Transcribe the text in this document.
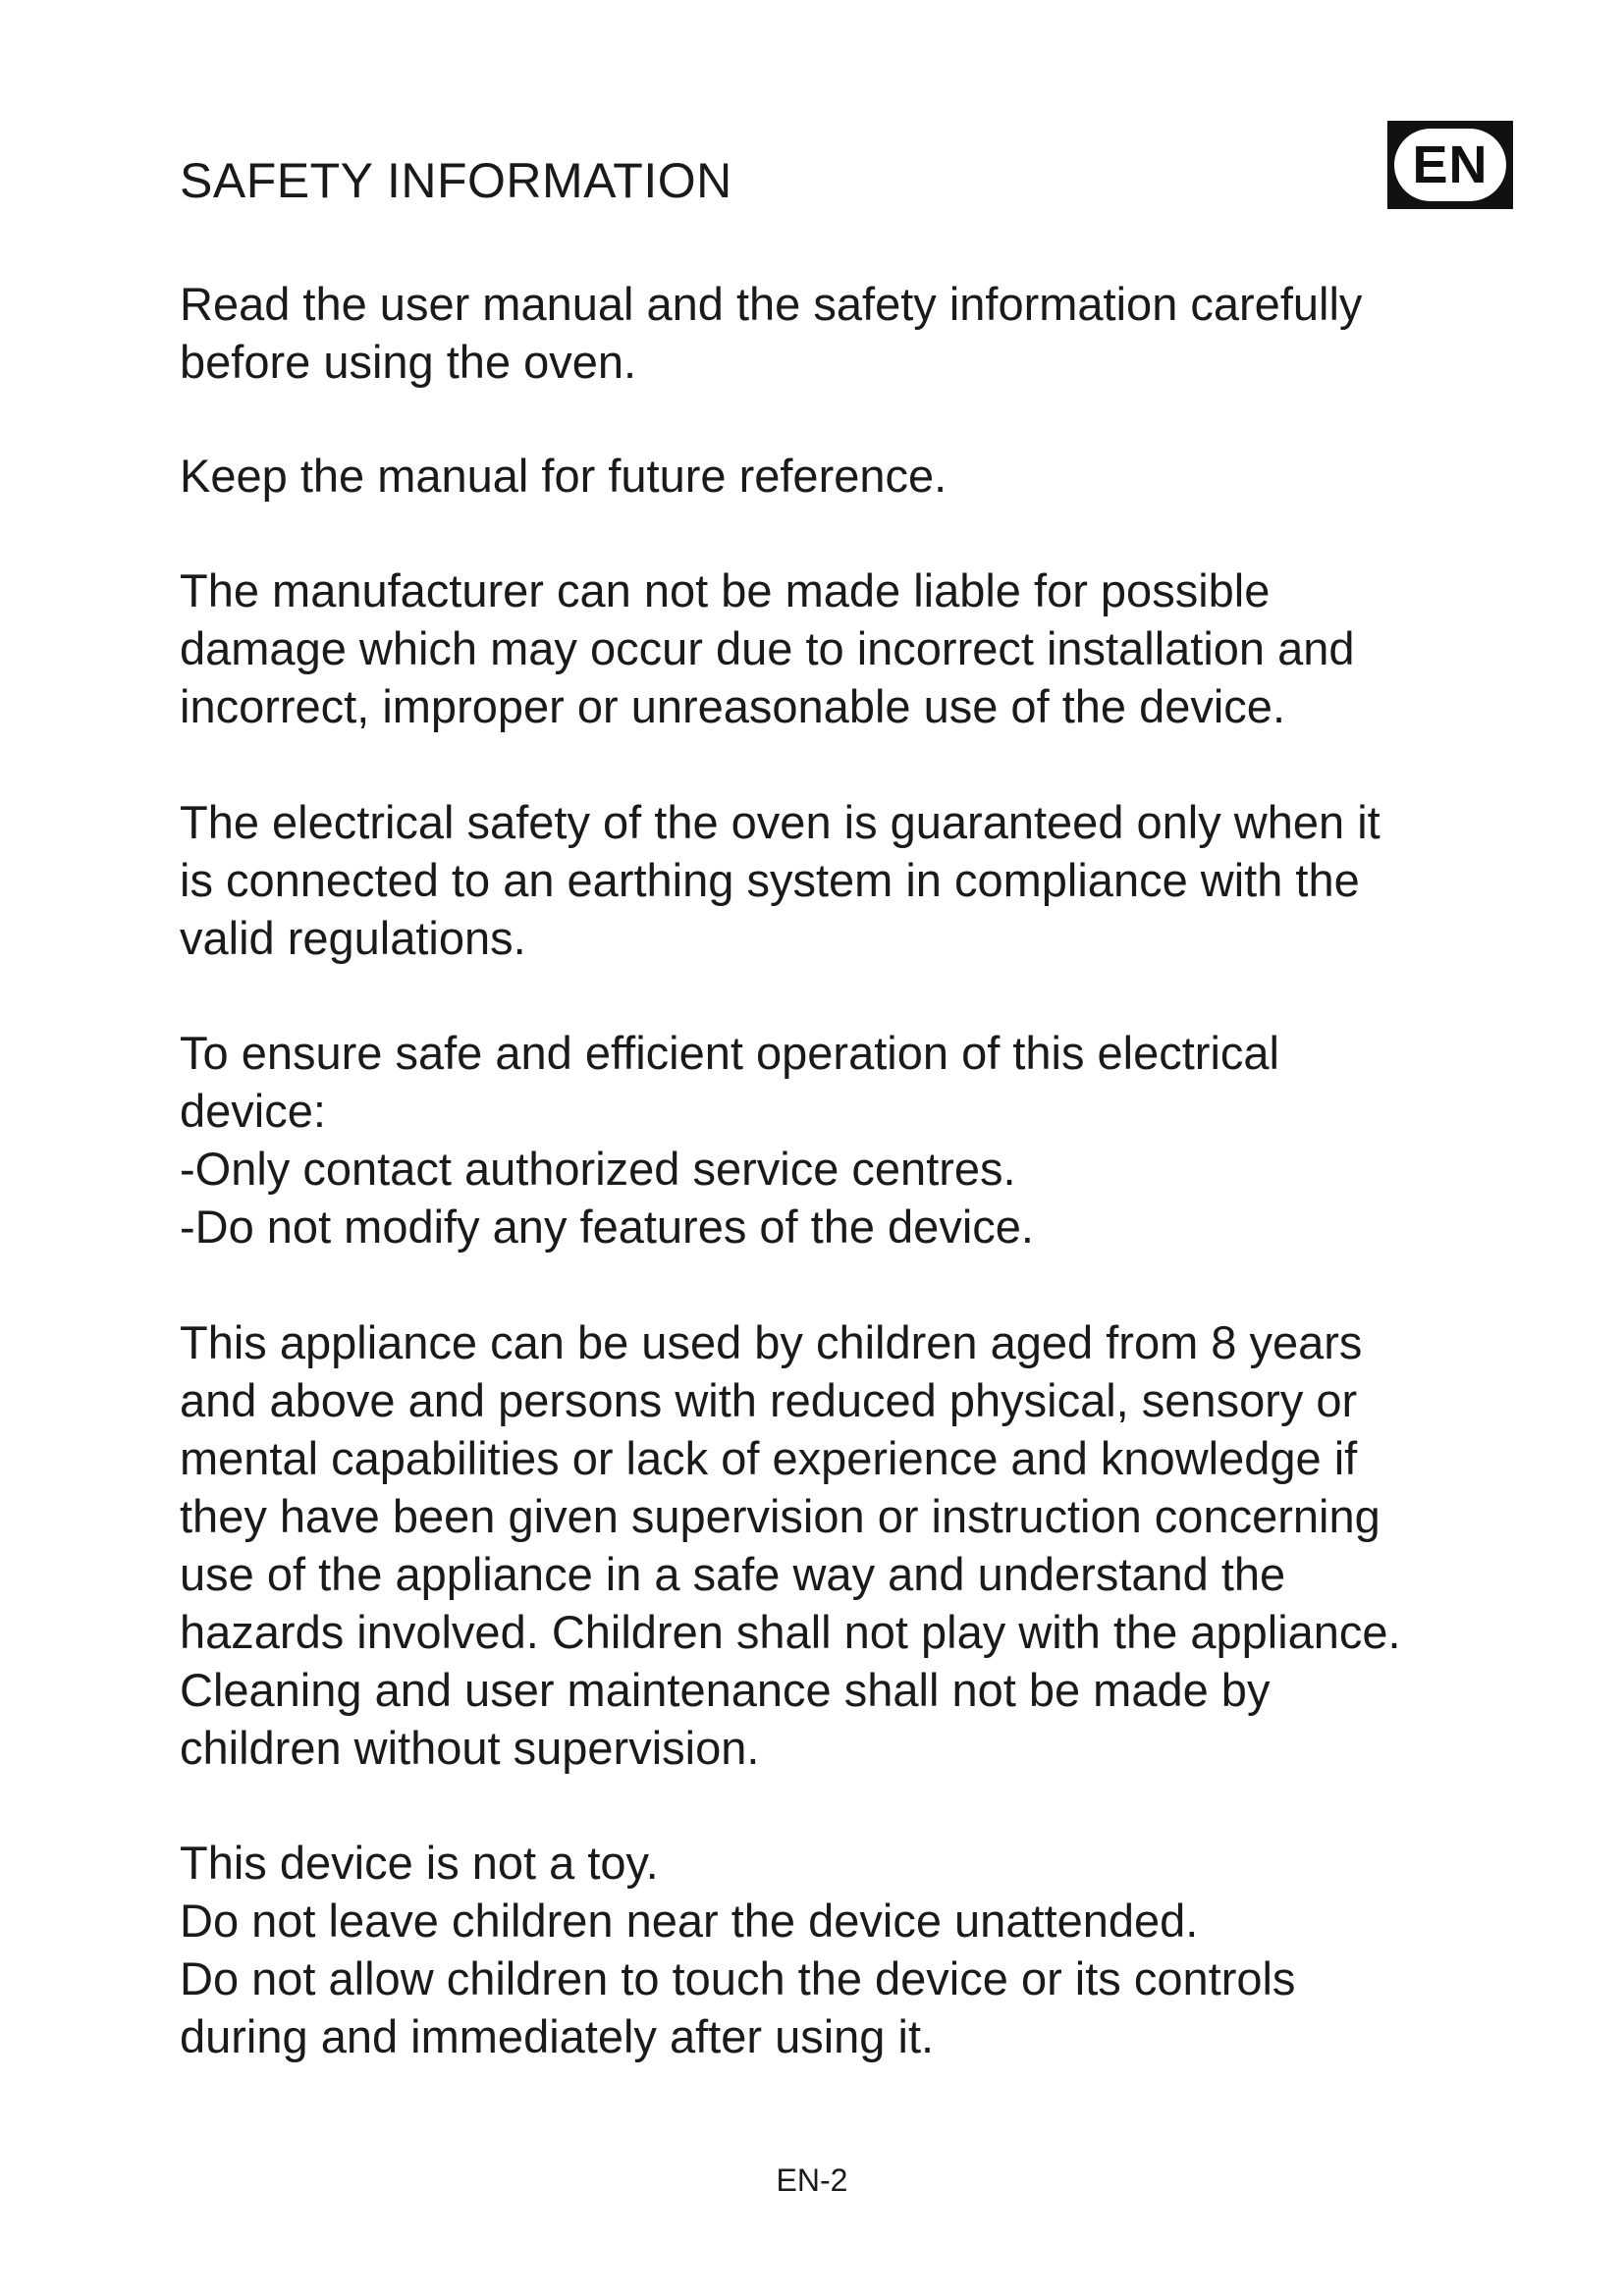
SAFETY INFORMATION	EN
Read the user manual and the safety information carefully
before using the oven.
Keep the manual for future reference.
The manufacturer can not be made liable for possible
damage which may occur due to incorrect installation and
incorrect, improper or unreasonable use of the device.
The electrical safety of the oven is guaranteed only when it
is connected to an earthing system in compliance with the
valid regulations.
To ensure safe and efficient operation of this electrical
device:
-Only contact authorized service centres.
-Do not modify any features of the device.
This appliance can be used by children aged from 8 years
and above and persons with reduced physical, sensory or
mental capabilities or lack of experience and knowledge if
they have been given supervision or instruction concerning
use of the appliance in a safe way and understand the
hazards involved. Children shall not play with the appliance.
Cleaning and user maintenance shall not be made by
children without supervision.
This device is not a toy.
Do not leave children near the device unattended.
Do not allow children to touch the device or its controls
during and immediately after using it.
EN-2
